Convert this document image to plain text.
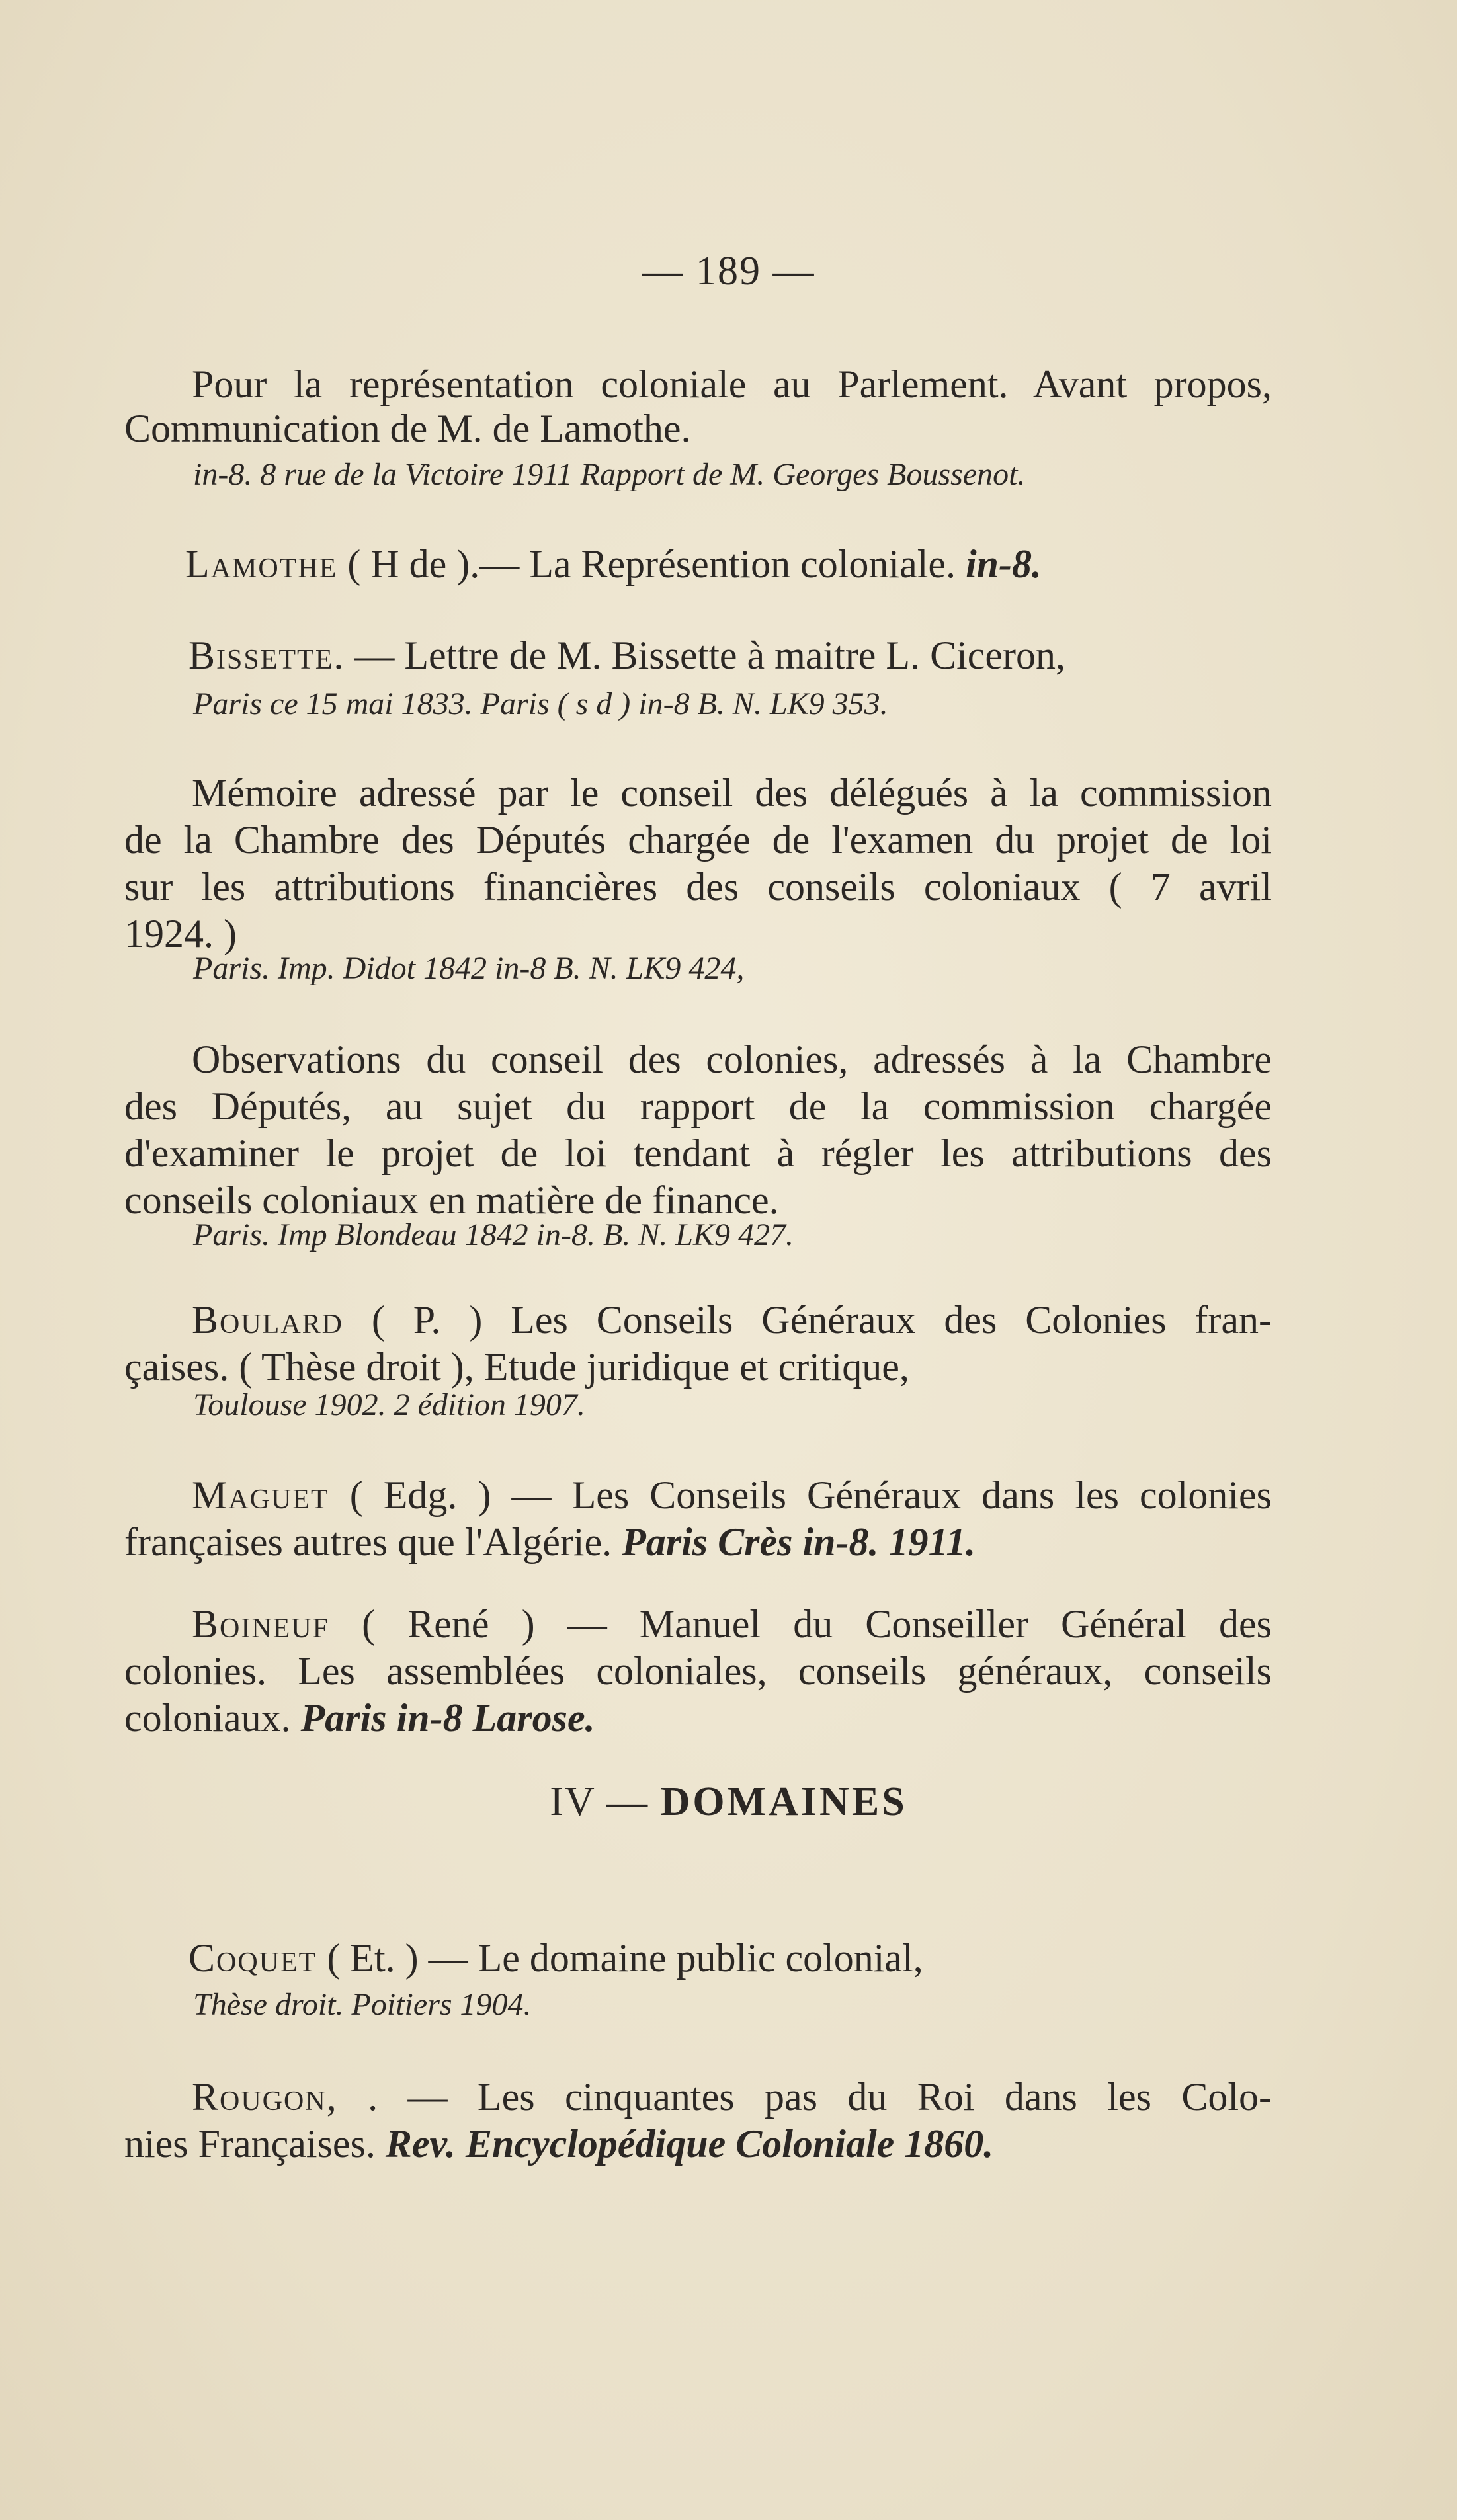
— 189 —
Pour la représentation coloniale au Parlement. Avant propos,
Communication de M. de Lamothe.
in-8. 8 rue de la Victoire 1911 Rapport de M. Georges Boussenot.
Lamothe ( H de ).— La Représention coloniale. in-8.
Bissette. — Lettre de M. Bissette à maitre L. Ciceron,
Paris ce 15 mai 1833. Paris ( s d ) in-8 B. N. LK9 353.
Mémoire adressé par le conseil des délégués à la commission
de la Chambre des Députés chargée de l'examen du projet de loi
sur les attributions financières des conseils coloniaux ( 7 avril
1924. )
Paris. Imp. Didot 1842 in-8 B. N. LK9 424,
Observations du conseil des colonies, adressés à la Chambre
des Députés, au sujet du rapport de la commission chargée
d'examiner le projet de loi tendant à régler les attributions des
conseils coloniaux en matière de finance.
Paris. Imp Blondeau 1842 in-8. B. N. LK9 427.
Boulard ( P. ) Les Conseils Généraux des Colonies fran-
çaises. ( Thèse droit ), Etude juridique et critique,
Toulouse 1902. 2 édition 1907.
Maguet ( Edg. ) — Les Conseils Généraux dans les colonies
françaises autres que l'Algérie. Paris Crès in-8. 1911.
Boineuf ( René ) — Manuel du Conseiller Général des
colonies. Les assemblées coloniales, conseils généraux, conseils
coloniaux. Paris in-8 Larose.
IV — DOMAINES
Coquet ( Et. ) — Le domaine public colonial,
Thèse droit. Poitiers 1904.
Rougon, . — Les cinquantes pas du Roi dans les Colo-
nies Françaises. Rev. Encyclopédique Coloniale 1860.
